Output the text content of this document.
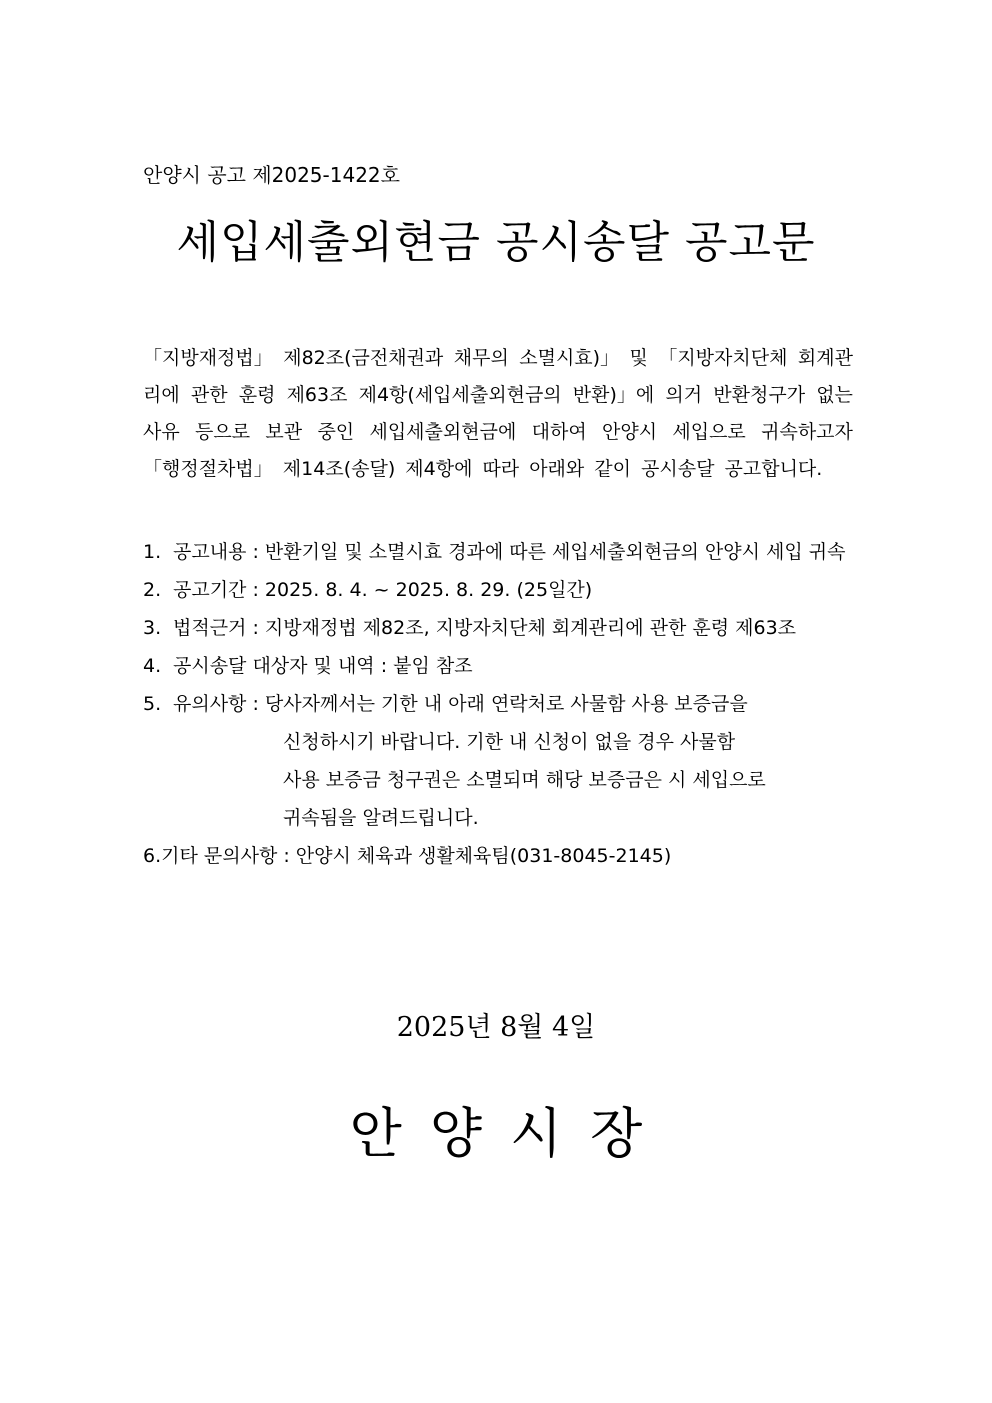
안양시 공고 제2025-1422호
세입세출외현금 공시송달 공고문
「지방재정법」 제82조(금전채권과 채무의 소멸시효)」 및 「지방자치단체 회계관
리에 관한 훈령 제63조 제4항(세입세출외현금의 반환)」에 의거 반환청구가 없는
사유 등으로 보관 중인 세입세출외현금에 대하여 안양시 세입으로 귀속하고자
「행정절차법」 제14조(송달) 제4항에 따라 아래와 같이 공시송달 공고합니다.
1. 공고내용 : 반환기일 및 소멸시효 경과에 따른 세입세출외현금의 안양시 세입 귀속
2. 공고기간 : 2025. 8. 4. ~ 2025. 8. 29. (25일간)
3. 법적근거 : 지방재정법 제82조, 지방자치단체 회계관리에 관한 훈령 제63조
4. 공시송달 대상자 및 내역 : 붙임 참조
5. 유의사항 : 당사자께서는 기한 내 아래 연락처로 사물함 사용 보증금을
신청하시기 바랍니다. 기한 내 신청이 없을 경우 사물함
사용 보증금 청구권은 소멸되며 해당 보증금은 시 세입으로
귀속됨을 알려드립니다.
6.기타 문의사항 : 안양시 체육과 생활체육팀(031-8045-2145)
2025년 8월 4일
안양시장
